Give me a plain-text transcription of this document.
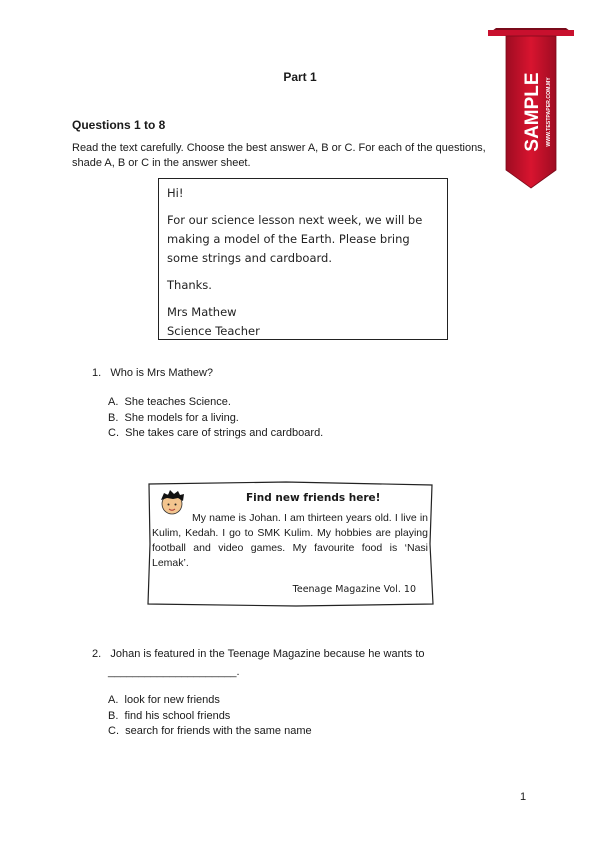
Part 1
Questions 1 to 8
Read the text carefully. Choose the best answer A, B or C. For each of the questions,
shade A, B or C in the answer sheet.
Hi!
For our science lesson next week, we will be
making a model of the Earth. Please bring
some strings and cardboard.
Thanks.
Mrs Mathew
Science Teacher
1. Who is Mrs Mathew?
A. She teaches Science.
B. She models for a living.
C. She takes care of strings and cardboard.
Find new friends here!
My name is Johan. I am thirteen years old. I live in Kulim, Kedah. I go to SMK Kulim. My hobbies are playing football and video games. My favourite food is ‘Nasi Lemak’.
Teenage Magazine Vol. 10
2. Johan is featured in the Teenage Magazine because he wants to
_____________________.
A. look for new friends
B. find his school friends
C. search for friends with the same name
1
SAMPLE WWW.TESTPAPER.COM.MY
